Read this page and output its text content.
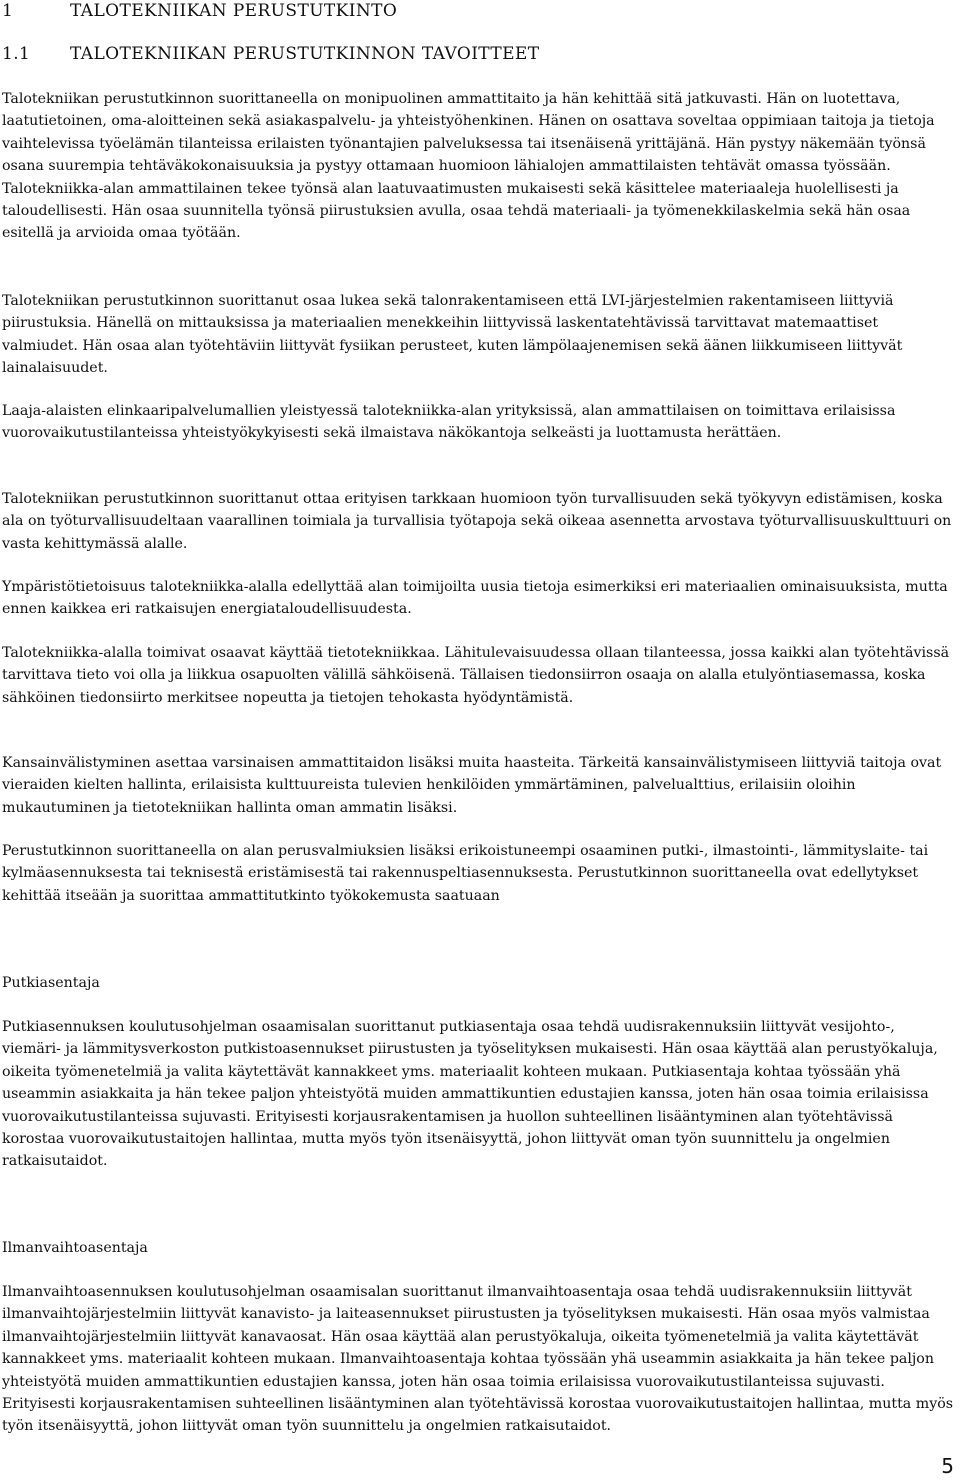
1	TALOTEKNIIKAN PERUSTUTKINTO
1.1 TALOTEKNIIKAN PERUSTUTKINNON TAVOITTEET

Talotekniikan perustutkinnon suorittaneella on monipuolinen ammattitaito ja hän kehittää sitä jatkuvasti. Hän on luotettava, laatutietoinen, oma-aloitteinen sekä asiakaspalvelu- ja yhteistyöhenkinen. Hänen on osattava soveltaa oppimiaan taitoja ja tietoja vaihtelevissa työelämän tilanteissa erilaisten työnantajien palveluksessa tai itsenäisenä yrittäjänä. Hän pystyy näkemään työnsä osana suurempia tehtäväkokonaisuuksia ja pystyy ottamaan huomioon lähialojen ammattilaisten tehtävät omassa työssään. Talotekniikka-alan ammattilainen tekee työnsä alan laatuvaatimusten mukaisesti sekä käsittelee materiaaleja huolellisesti ja taloudellisesti. Hän osaa suunnitella työnsä piirustuksien avulla, osaa tehdä materiaali- ja työmenekkilaskelmia sekä hän osaa esitellä ja arvioida omaa työtään.

Talotekniikan perustutkinnon suorittanut osaa lukea sekä talonrakentamiseen että LVI-järjestelmien rakentamiseen liittyviä piirustuksia. Hänellä on mittauksissa ja materiaalien menekkeihin liittyvissä laskentatehtävissä tarvittavat matemaattiset valmiudet. Hän osaa alan työtehtäviin liittyvät fysiikan perusteet, kuten lämpölaajenemisen sekä äänen liikkumiseen liittyvät lainalaisuudet.

Laaja-alaisten elinkaaripalvelumallien yleistyessä talotekniikka-alan yrityksissä, alan ammattilaisen on toimittava erilaisissa vuorovaikutustilanteissa yhteistyökykyisesti sekä ilmaistava näkökantoja selkeästi ja luottamusta herättäen.

Talotekniikan perustutkinnon suorittanut ottaa erityisen tarkkaan huomioon työn turvallisuuden sekä työkyvyn edistämisen, koska ala on työturvallisuudeltaan vaarallinen toimiala ja turvallisia työtapoja sekä oikeaa asennetta arvostava työturvallisuuskulttuuri on vasta kehittymässä alalle.

Ympäristötietoisuus talotekniikka-alalla edellyttää alan toimijoilta uusia tietoja esimerkiksi eri materiaalien ominaisuuksista, mutta ennen kaikkea eri ratkaisujen energiataloudellisuudesta.

Talotekniikka-alalla toimivat osaavat käyttää tietotekniikkaa. Lähitulevaisuudessa ollaan tilanteessa, jossa kaikki alan työtehtävissä tarvittava tieto voi olla ja liikkua osapuolten välillä sähköisenä. Tällaisen tiedonsiirron osaaja on alalla etulyöntiasemassa, koska sähköinen tiedonsiirto merkitsee nopeutta ja tietojen tehokasta hyödyntämistä.

Kansainvälistyminen asettaa varsinaisen ammattitaidon lisäksi muita haasteita. Tärkeitä kansainvälistymiseen liittyviä taitoja ovat vieraiden kielten hallinta, erilaisista kulttuureista tulevien henkilöiden ymmärtäminen, palvelualttius, erilaisiin oloihin mukautuminen ja tietotekniikan hallinta oman ammatin lisäksi.

Perustutkinnon suorittaneella on alan perusvalmiuksien lisäksi erikoistuneempi osaaminen putki-, ilmastointi-, lämmityslaite- tai kylmäasennuksesta tai teknisestä eristämisestä tai rakennuspeltiasennuksesta. Perustutkinnon suorittaneella ovat edellytykset kehittää itseään ja suorittaa ammattitutkinto työkokemusta saatuaan

Putkiasentaja

Putkiasennuksen koulutusohjelman osaamisalan suorittanut putkiasentaja osaa tehdä uudisrakennuksiin liittyvät vesijohto-, viemäri- ja lämmitysverkoston putkistoasennukset piirustusten ja työselityksen mukaisesti. Hän osaa käyttää alan perustyökaluja, oikeita työmenetelmiä ja valita käytettävät kannakkeet yms. materiaalit kohteen mukaan. Putkiasentaja kohtaa työssään yhä useammin asiakkaita ja hän tekee paljon yhteistyötä muiden ammattikuntien edustajien kanssa, joten hän osaa toimia erilaisissa vuorovaikutustilanteissa sujuvasti. Erityisesti korjausrakentamisen ja huollon suhteellinen lisääntyminen alan työtehtävissä korostaa vuorovaikutustaitojen hallintaa, mutta myös työn itsenäisyyttä, johon liittyvät oman työn suunnittelu ja ongelmien ratkaisutaidot.

Ilmanvaihtoasentaja

Ilmanvaihtoasennuksen koulutusohjelman osaamisalan suorittanut ilmanvaihtoasentaja osaa tehdä uudisrakennuksiin liittyvät ilmanvaihtojärjestelmiin liittyvät kanavisto- ja laiteasennukset piirustusten ja työselityksen mukaisesti. Hän osaa myös valmistaa ilmanvaihtojärjestelmiin liittyvät kanavaosat. Hän osaa käyttää alan perustyökaluja, oikeita työmenetelmiä ja valita käytettävät kannakkeet yms. materiaalit kohteen mukaan. Ilmanvaihtoasentaja kohtaa työssään yhä useammin asiakkaita ja hän tekee paljon yhteistyötä muiden ammattikuntien edustajien kanssa, joten hän osaa toimia erilaisissa vuorovaikutustilanteissa sujuvasti. Erityisesti korjausrakentamisen suhteellinen lisääntyminen alan työtehtävissä korostaa vuorovaikutustaitojen hallintaa, mutta myös työn itsenäisyyttä, johon liittyvät oman työn suunnittelu ja ongelmien ratkaisutaidot.

5
